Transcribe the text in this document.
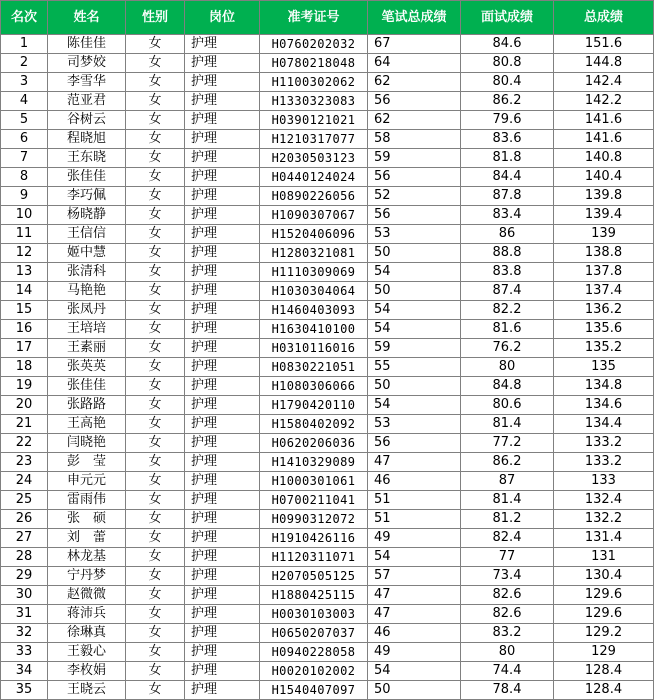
名次	姓名	性别	岗位	准考证号	笔试总成绩	面试成绩	总成绩
1	陈佳佳	女	护理	H0760202032	67	84.6	151.6
2	司梦姣	女	护理	H0780218048	64	80.8	144.8
3	李雪华	女	护理	H1100302062	62	80.4	142.4
4	范亚君	女	护理	H1330323083	56	86.2	142.2
5	谷树云	女	护理	H0390121021	62	79.6	141.6
6	程晓旭	女	护理	H1210317077	58	83.6	141.6
7	王东晓	女	护理	H2030503123	59	81.8	140.8
8	张佳佳	女	护理	H0440124024	56	84.4	140.4
9	李巧佩	女	护理	H0890226056	52	87.8	139.8
10	杨晓静	女	护理	H1090307067	56	83.4	139.4
11	王信信	女	护理	H1520406096	53	86	139
12	姬中慧	女	护理	H1280321081	50	88.8	138.8
13	张清科	女	护理	H1110309069	54	83.8	137.8
14	马艳艳	女	护理	H1030304064	50	87.4	137.4
15	张凤丹	女	护理	H1460403093	54	82.2	136.2
16	王培培	女	护理	H1630410100	54	81.6	135.6
17	王素丽	女	护理	H0310116016	59	76.2	135.2
18	张英英	女	护理	H0830221051	55	80	135
19	张佳佳	女	护理	H1080306066	50	84.8	134.8
20	张路路	女	护理	H1790420110	54	80.6	134.6
21	王高艳	女	护理	H1580402092	53	81.4	134.4
22	闫晓艳	女	护理	H0620206036	56	77.2	133.2
23	彭　莹	女	护理	H1410329089	47	86.2	133.2
24	申元元	女	护理	H1000301061	46	87	133
25	雷雨伟	女	护理	H0700211041	51	81.4	132.4
26	张　硕	女	护理	H0990312072	51	81.2	132.2
27	刘　蕾	女	护理	H1910426116	49	82.4	131.4
28	林龙基	女	护理	H1120311071	54	77	131
29	宁丹梦	女	护理	H2070505125	57	73.4	130.4
30	赵微微	女	护理	H1880425115	47	82.6	129.6
31	蒋沛兵	女	护理	H0030103003	47	82.6	129.6
32	徐琳真	女	护理	H0650207037	46	83.2	129.2
33	王毅心	女	护理	H0940228058	49	80	129
34	李枚娟	女	护理	H0020102002	54	74.4	128.4
35	王晓云	女	护理	H1540407097	50	78.4	128.4
